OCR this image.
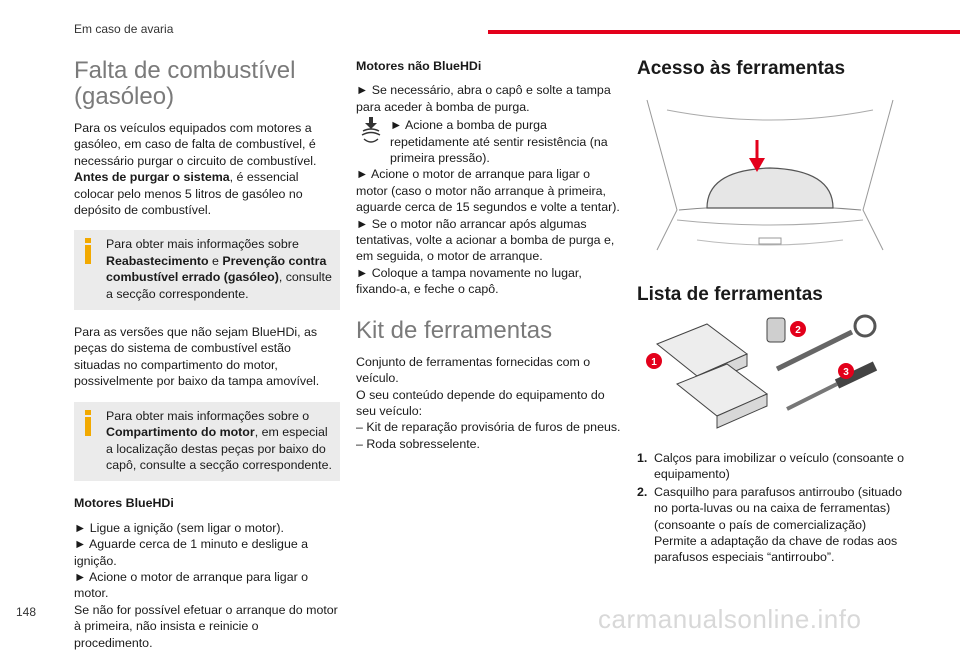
Em caso de avaria
Falta de combustível
(gasóleo)

Para os veículos equipados com motores a gasóleo, em caso de falta de combustível, é necessário purgar o circuito de combustível. Antes de purgar o sistema, é essencial colocar pelo menos 5 litros de gasóleo no depósito de combustível.

Para obter mais informações sobre Reabastecimento e Prevenção contra combustível errado (gasóleo), consulte a secção correspondente.

Para as versões que não sejam BlueHDi, as peças do sistema de combustível estão situadas no compartimento do motor, possivelmente por baixo da tampa amovível.

Para obter mais informações sobre o Compartimento do motor, em especial a localização destas peças por baixo do capô, consulte a secção correspondente.
Motores BlueHDi

► Ligue a ignição (sem ligar o motor).
► Aguarde cerca de 1 minuto e desligue a ignição.
► Acione o motor de arranque para ligar o motor.
Se não for possível efetuar o arranque do motor à primeira, não insista e reinicie o procedimento.

Motores não BlueHDi
► Se necessário, abra o capô e solte a tampa para aceder à bomba de purga.
► Acione a bomba de purga repetidamente até sentir resistência (na primeira pressão).
► Acione o motor de arranque para ligar o motor (caso o motor não arranque à primeira, aguarde cerca de 15 segundos e volte a tentar).
► Se o motor não arrancar após algumas tentativas, volte a acionar a bomba de purga e, em seguida, o motor de arranque.
► Coloque a tampa novamente no lugar, fixando-a, e feche o capô.
Kit de ferramentas
Conjunto de ferramentas fornecidas com o veículo.
O seu conteúdo depende do equipamento do seu veículo:
– Kit de reparação provisória de furos de pneus.
– Roda sobresselente.
Acesso às ferramentas
Lista de ferramentas
1
2
3
1. Calços para imobilizar o veículo (consoante o equipamento)
2. Casquilho para parafusos antirroubo (situado no porta-luvas ou na caixa de ferramentas) (consoante o país de comercialização)
Permite a adaptação da chave de rodas aos parafusos especiais “antirroubo”.
148	carmanualsonline.info
